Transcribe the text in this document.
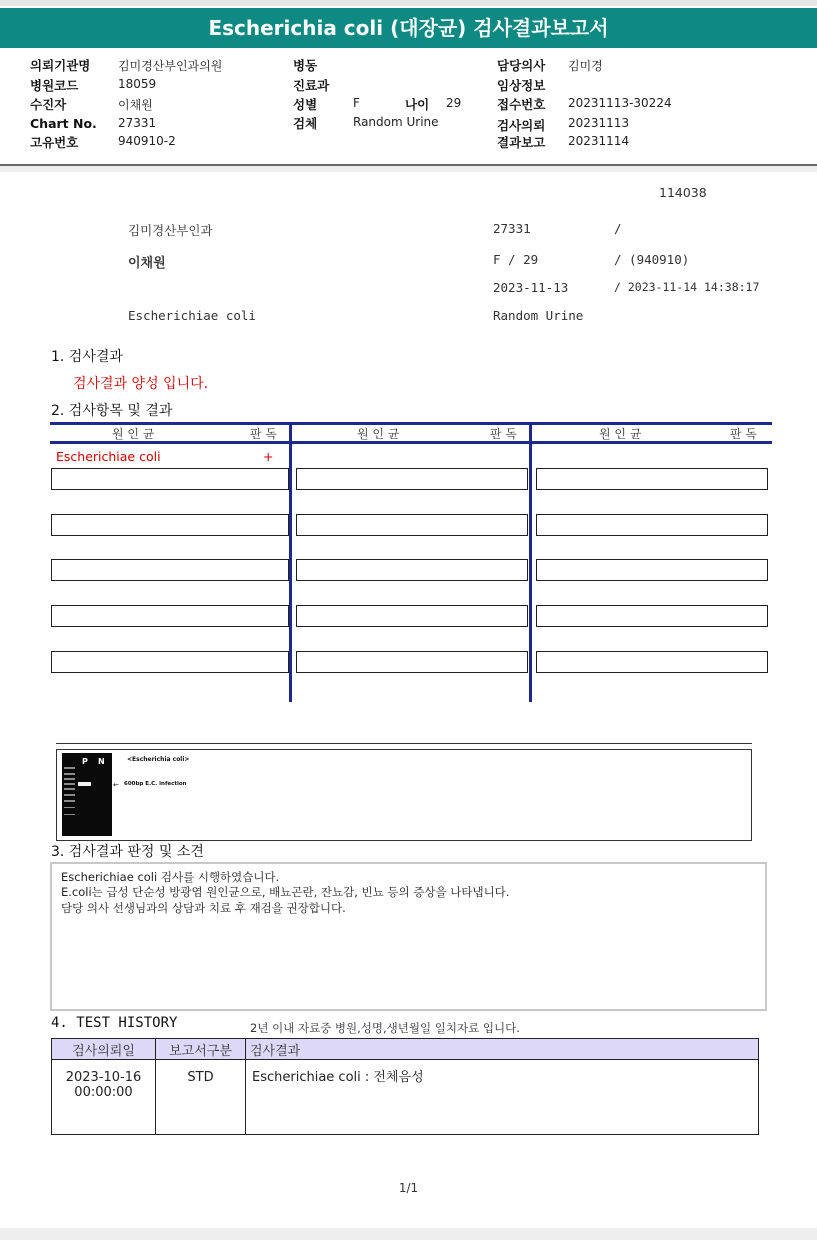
Escherichia coli (대장균) 검사결과보고서
의뢰기관명 김미경산부인과의원
병원코드	18059
수진자	이채원
Chart No. 27331
고유번호	940910-2
병동
진료과
성별	F	나이 29
검체	Random Urine
담당의사 김미경
임상정보
접수번호 20231113-30224
검사의뢰 20231113
결과보고 20231114
114038
김미경산부인과	27331	/
이채원	F / 29	/ (940910)
2023-11-13	/ 2023-11-14 14:38:17
Escherichiae coli	Random Urine
1. 검사결과
검사결과 양성 입니다.
2. 검사항목 및 결과
원 인 균	판 독	원 인 균	판 독	원 인 균	판 독
Escherichiae coli	+
P N	<Escherichia coli>
← 600bp E.C. infection
3. 검사결과 판정 및 소견
Escherichiae coli 검사를 시행하였습니다.
E.coli는 급성 단순성 방광염 원인균으로, 배뇨곤란, 잔뇨감, 빈뇨 등의 증상을 나타냅니다.
담당 의사 선생님과의 상담과 치료 후 재검을 권장합니다.
4. TEST HISTORY	2년 이내 자료중 병원,성명,생년월일 일치자료 입니다.
검사의뢰일	보고서구분	검사결과

2023-10-16
00:00:00	STD	Escherichiae coli : 전체음성
1/1
